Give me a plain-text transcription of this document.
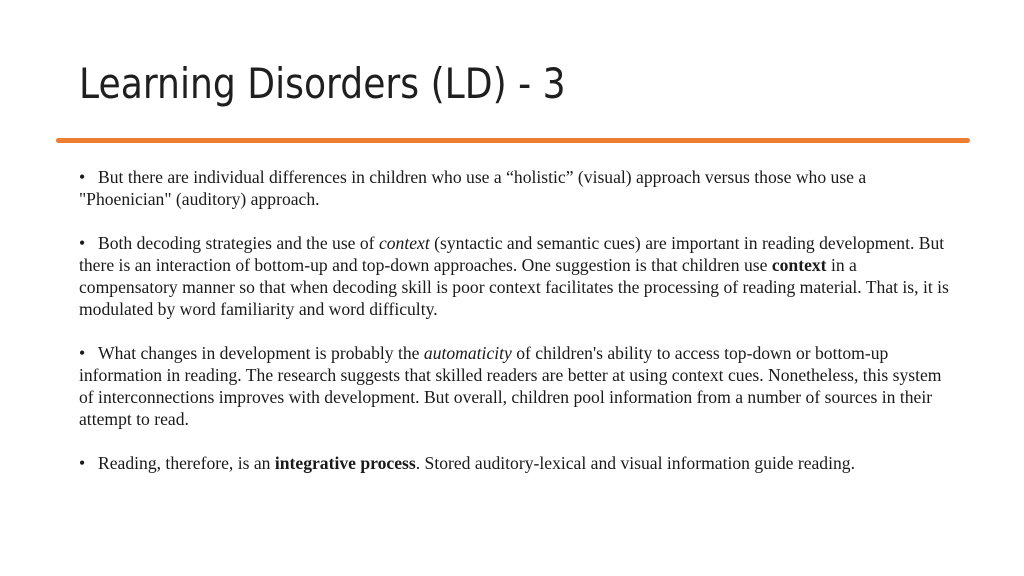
Learning Disorders (LD) - 3

• But there are individual differences in children who use a “holistic” (visual) approach versus those who use a "Phoenician" (auditory) approach.

• Both decoding strategies and the use of context (syntactic and semantic cues) are important in reading development. But there is an interaction of bottom-up and top-down approaches. One suggestion is that children use context in a compensatory manner so that when decoding skill is poor context facilitates the processing of reading material. That is, it is modulated by word familiarity and word difficulty.

• What changes in development is probably the automaticity of children's ability to access top-down or bottom-up information in reading. The research suggests that skilled readers are better at using context cues. Nonetheless, this system of interconnections improves with development. But overall, children pool information from a number of sources in their attempt to read.

• Reading, therefore, is an integrative process. Stored auditory-lexical and visual information guide reading.
